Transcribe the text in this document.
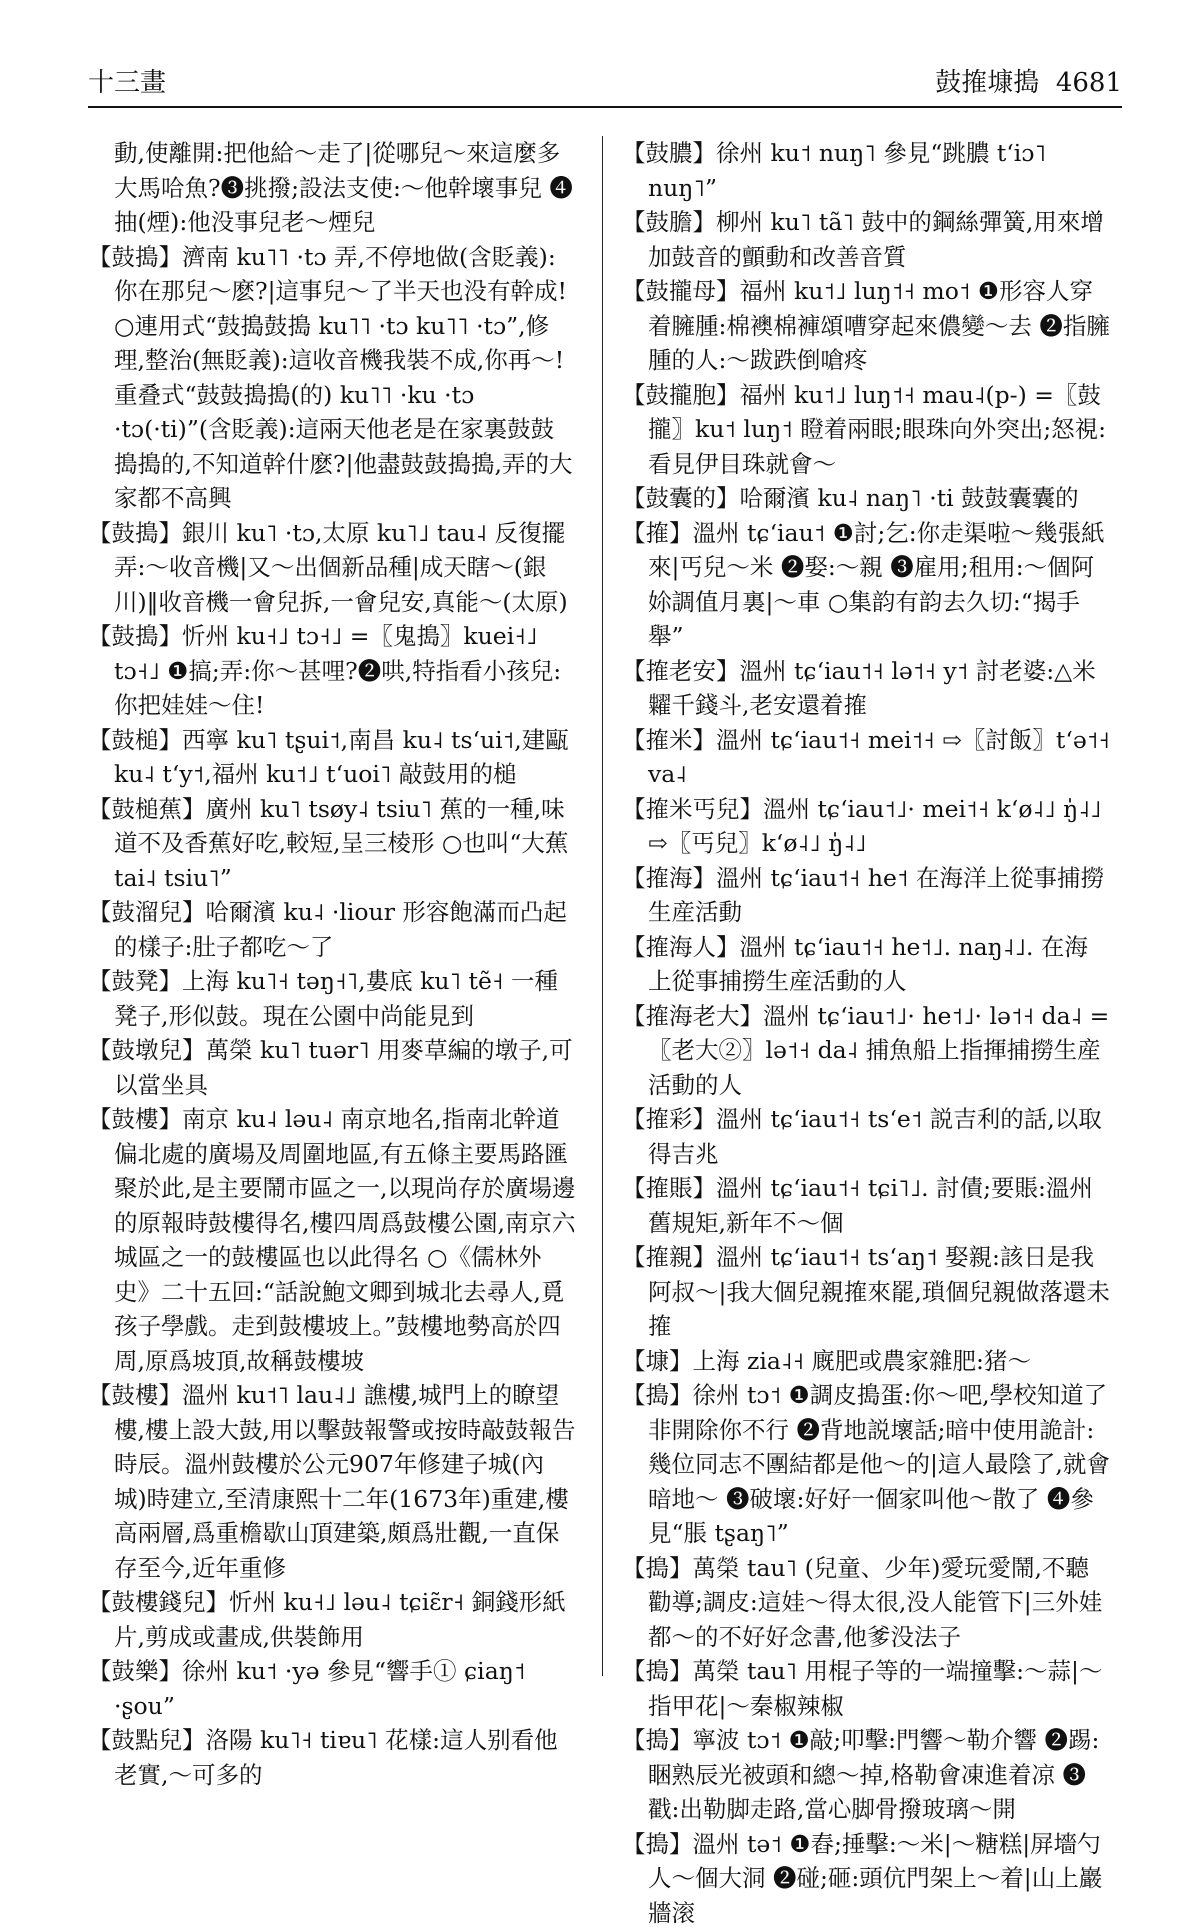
十三畫	鼓搉𡐓搗 4681

動,使離開:把他給～走了|從哪兒～來這麼多大馬哈魚?❸挑撥;設法支使:～他幹壞事兒 ❹抽(煙):他没事兒老～煙兒

【鼓搗】濟南 ku˥˥ ·tɔ 弄,不停地做(含貶義):你在那兒～麽?|這事兒～了半天也没有幹成!○連用式“鼓搗鼓搗 ku˥˥ ·tɔ ku˥˥ ·tɔ”,修理,整治(無貶義):這收音機我裝不成,你再～!重叠式“鼓鼓搗搗(的) ku˥˥ ·ku ·tɔ ·tɔ(·ti)”(含貶義):這兩天他老是在家裏鼓鼓搗搗的,不知道幹什麽?|他盡鼓鼓搗搗,弄的大家都不高興

【鼓搗】銀川 ku˥ ·tɔ,太原 ku˥˩ tau˨ 反復擺弄:～收音機|又～出個新品種|成天瞎～(銀川)‖收音機一會兒拆,一會兒安,真能～(太原)

【鼓搗】忻州 ku˧˩ tɔ˧˩ =〖鬼搗〗kuei˧˩ tɔ˧˩ ❶搞;弄:你～甚哩?❷哄,特指看小孩兒:你把娃娃～住!

【鼓槌】西寧 ku˥ tʂui˦,南昌 ku˨ tsʻui˦,建甌 ku˨ tʻy˦,福州 ku˦˩ tʻuoi˥ 敲鼓用的槌

【鼓槌蕉】廣州 ku˥ tsøy˨ tsiu˥ 蕉的一種,味道不及香蕉好吃,較短,呈三棱形 ○也叫“大蕉 tai˨ tsiu˥”

【鼓溜兒】哈爾濱 ku˨ ·liour 形容飽滿而凸起的樣子:肚子都吃～了

【鼓凳】上海 ku˥˧ təŋ˧˥,婁底 ku˥ tẽ˧ 一種凳子,形似鼓。現在公園中尚能見到

【鼓墩兒】萬榮 ku˥ tuər˥ 用麥草編的墩子,可以當坐具

【鼓樓】南京 ku˨ ləu˨ 南京地名,指南北幹道偏北處的廣場及周圍地區,有五條主要馬路匯聚於此,是主要鬧市區之一,以現尚存於廣場邊的原報時鼓樓得名,樓四周爲鼓樓公園,南京六城區之一的鼓樓區也以此得名 ○《儒林外史》二十五回:“話說鮑文卿到城北去尋人,覓孩子學戲。走到鼓樓坡上。”鼓樓地勢高於四周,原爲坡頂,故稱鼓樓坡

【鼓樓】溫州 ku˦˥ lau˨˩ 譙樓,城門上的瞭望樓,樓上設大鼓,用以擊鼓報警或按時敲鼓報告時辰。溫州鼓樓於公元907年修建子城(內城)時建立,至清康熙十二年(1673年)重建,樓高兩層,爲重檐歇山頂建築,頗爲壯觀,一直保存至今,近年重修

【鼓樓錢兒】忻州 ku˧˩ ləu˨ tɕiɛ̃r˧ 銅錢形紙片,剪成或畫成,供裝飾用

【鼓樂】徐州 ku˦ ·yə 參見“響手① ɕiaŋ˦ ·ʂou”

【鼓點兒】洛陽 ku˥˧ tiɐu˥ 花樣:這人别看他老實,～可多的

【鼓膿】徐州 ku˦ nuŋ˥ 參見“跳膿 tʻiɔ˥ nuŋ˥”

【鼓膽】柳州 ku˥ tã˥ 鼓中的鋼絲彈簧,用來增加鼓音的顫動和改善音質

【鼓攏母】福州 ku˦˩ luŋ˦˧ mo˦ ❶形容人穿着臃腫:棉襖棉褲頌嘈穿起來儂變～去 ❷指臃腫的人:～跋跌倒嗆疼

【鼓攏胞】福州 ku˦˩ luŋ˦˧ mau˨(p-) =〖鼓攏〗ku˦ luŋ˦ 瞪着兩眼;眼珠向外突出;怒視:看見伊目珠就會～

【鼓囊的】哈爾濱 ku˨ naŋ˥ ·ti 鼓鼓囊囊的

【搉】溫州 tɕʻiau˦ ❶討;乞:你走渠啦～幾張紙來|丐兒～米 ❷娶:～親 ❸雇用;租用:～個阿㚷調值月裏|～車 ○集韵有韵去久切:“揭手舉”

【搉老安】溫州 tɕʻiau˦˧ lə˦˧ y˦ 討老婆:△米糶千錢斗,老安還着搉

【搉米】溫州 tɕʻiau˦˧ mei˦˧ ⇨〖討飯〗tʻə˦˧ va˨

【搉米丐兒】溫州 tɕʻiau˦˩· mei˦˧ kʻø˨˩ ŋ̍˨˩ ⇨〖丐兒〗kʻø˨˩ ŋ̍˨˩

【搉海】溫州 tɕʻiau˦˧ he˦ 在海洋上從事捕撈生産活動

【搉海人】溫州 tɕʻiau˦˧ he˦˩. naŋ˨˩. 在海上從事捕撈生産活動的人

【搉海老大】溫州 tɕʻiau˦˩· he˦˩· lə˦˧ da˨ =〖老大②〗lə˦˧ da˨ 捕魚船上指揮捕撈生産活動的人

【搉彩】溫州 tɕʻiau˦˧ tsʻe˦ 説吉利的話,以取得吉兆

【搉賬】溫州 tɕʻiau˦˧ tɕi˥˩. 討債;要賬:溫州舊規矩,新年不～個

【搉親】溫州 tɕʻiau˦˧ tsʻaŋ˦ 娶親:該日是我阿叔～|我大個兒親搉來罷,瑣個兒親做落還未搉

【𡐓】上海 zia˨˧ 廐肥或農家雜肥:猪～

【搗】徐州 tɔ˦ ❶調皮搗蛋:你～吧,學校知道了非開除你不行 ❷背地説壞話;暗中使用詭計:幾位同志不團結都是他～的|這人最陰了,就會暗地～ ❸破壞:好好一個家叫他～散了 ❹參見“脹 tʂaŋ˥”

【搗】萬榮 tau˥ (兒童、少年)愛玩愛鬧,不聽勸導;調皮:這娃～得太很,没人能管下|三外娃都～的不好好念書,他爹没法子

【搗】萬榮 tau˥ 用棍子等的一端撞擊:～蒜|～指甲花|～秦椒辣椒

【搗】寧波 tɔ˦ ❶敲;叩擊:門響～勒介響 ❷踢:睏熟辰光被頭和總～掉,格勒會凍進着凉 ❸戳:出勒脚走路,當心脚骨撥玻璃～開

【搗】溫州 tə˦ ❶舂;捶擊:～米|～糖糕|屏墻勺人～個大洞 ❷碰;砸:頭伉門架上～着|山上巖牆滚
